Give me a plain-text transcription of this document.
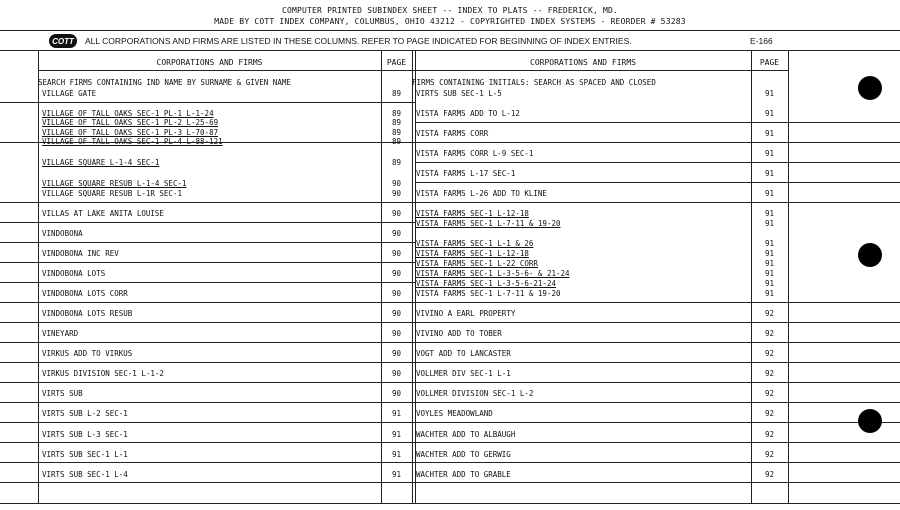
COMPUTER PRINTED SUBINDEX SHEET -- INDEX TO PLATS -- FREDERICK, MD.
MADE BY COTT INDEX COMPANY, COLUMBUS, OHIO 43212 - COPYRIGHTED INDEX SYSTEMS - REORDER # 53283
COTT	ALL CORPORATIONS AND FIRMS ARE LISTED IN THESE COLUMNS. REFER TO PAGE INDICATED FOR BEGINNING OF INDEX ENTRIES.	E-166
CORPORATIONS AND FIRMS	PAGE	CORPORATIONS AND FIRMS	PAGE
SEARCH FIRMS CONTAINING IND NAME BY SURNAME & GIVEN NAME	FIRMS CONTAINING INITIALS: SEARCH AS SPACED AND CLOSED
VILLAGE GATE	89
VILLAGE OF TALL OAKS SEC-1 PL-1 L-1-24	89
VILLAGE OF TALL OAKS SEC-1 PL-2 L-25-69	89
VILLAGE OF TALL OAKS SEC-1 PL-3 L-70-87	89
VILLAGE OF TALL OAKS SEC-1 PL-4 L-88-121	89
VILLAGE SQUARE L-1-4 SEC-1	89
VILLAGE SQUARE RESUB L-1-4 SEC-1	90
VILLAGE SQUARE RESUB L-1R SEC-1	90
VILLAS AT LAKE ANITA LOUISE	90
VINDOBONA	90
VINDOBONA INC REV	90
VINDOBONA LOTS	90
VINDOBONA LOTS CORR	90
VINDOBONA LOTS RESUB	90
VINEYARD	90
VIRKUS ADD TO VIRKUS	90
VIRKUS DIVISION SEC-1 L-1-2	90
VIRTS SUB	90
VIRTS SUB L-2 SEC-1	91
VIRTS SUB L-3 SEC-1	91
VIRTS SUB SEC-1 L-1	91
VIRTS SUB SEC-1 L-4	91
VIRTS SUB SEC-1 L-5	91
VISTA FARMS ADD TO L-12	91
VISTA FARMS CORR	91
VISTA FARMS CORR L-9 SEC-1	91
VISTA FARMS L-17 SEC-1	91
VISTA FARMS L-26 ADD TO KLINE	91
VISTA FARMS SEC-1 L-12-18	91
VISTA FARMS SEC-1 L-7-11 & 19-20	91
VISTA FARMS SEC-1 L-1 & 26	91
VISTA FARMS SEC-1 L-12-18	91
VISTA FARMS SEC-1 L-22 CORR	91
VISTA FARMS SEC-1 L-3-5-6- & 21-24	91
VISTA FARMS SEC-1 L-3-5-6-21-24	91
VISTA FARMS SEC-1 L-7-11 & 19-20	91
VIVINO A EARL PROPERTY	92
VIVINO ADD TO TOBER	92
VOGT ADD TO LANCASTER	92
VOLLMER DIV SEC-1 L-1	92
VOLLMER DIVISION SEC-1 L-2	92
VOYLES MEADOWLAND	92
WACHTER ADD TO ALBAUGH	92
WACHTER ADD TO GERWIG	92
WACHTER ADD TO GRABLE	92
